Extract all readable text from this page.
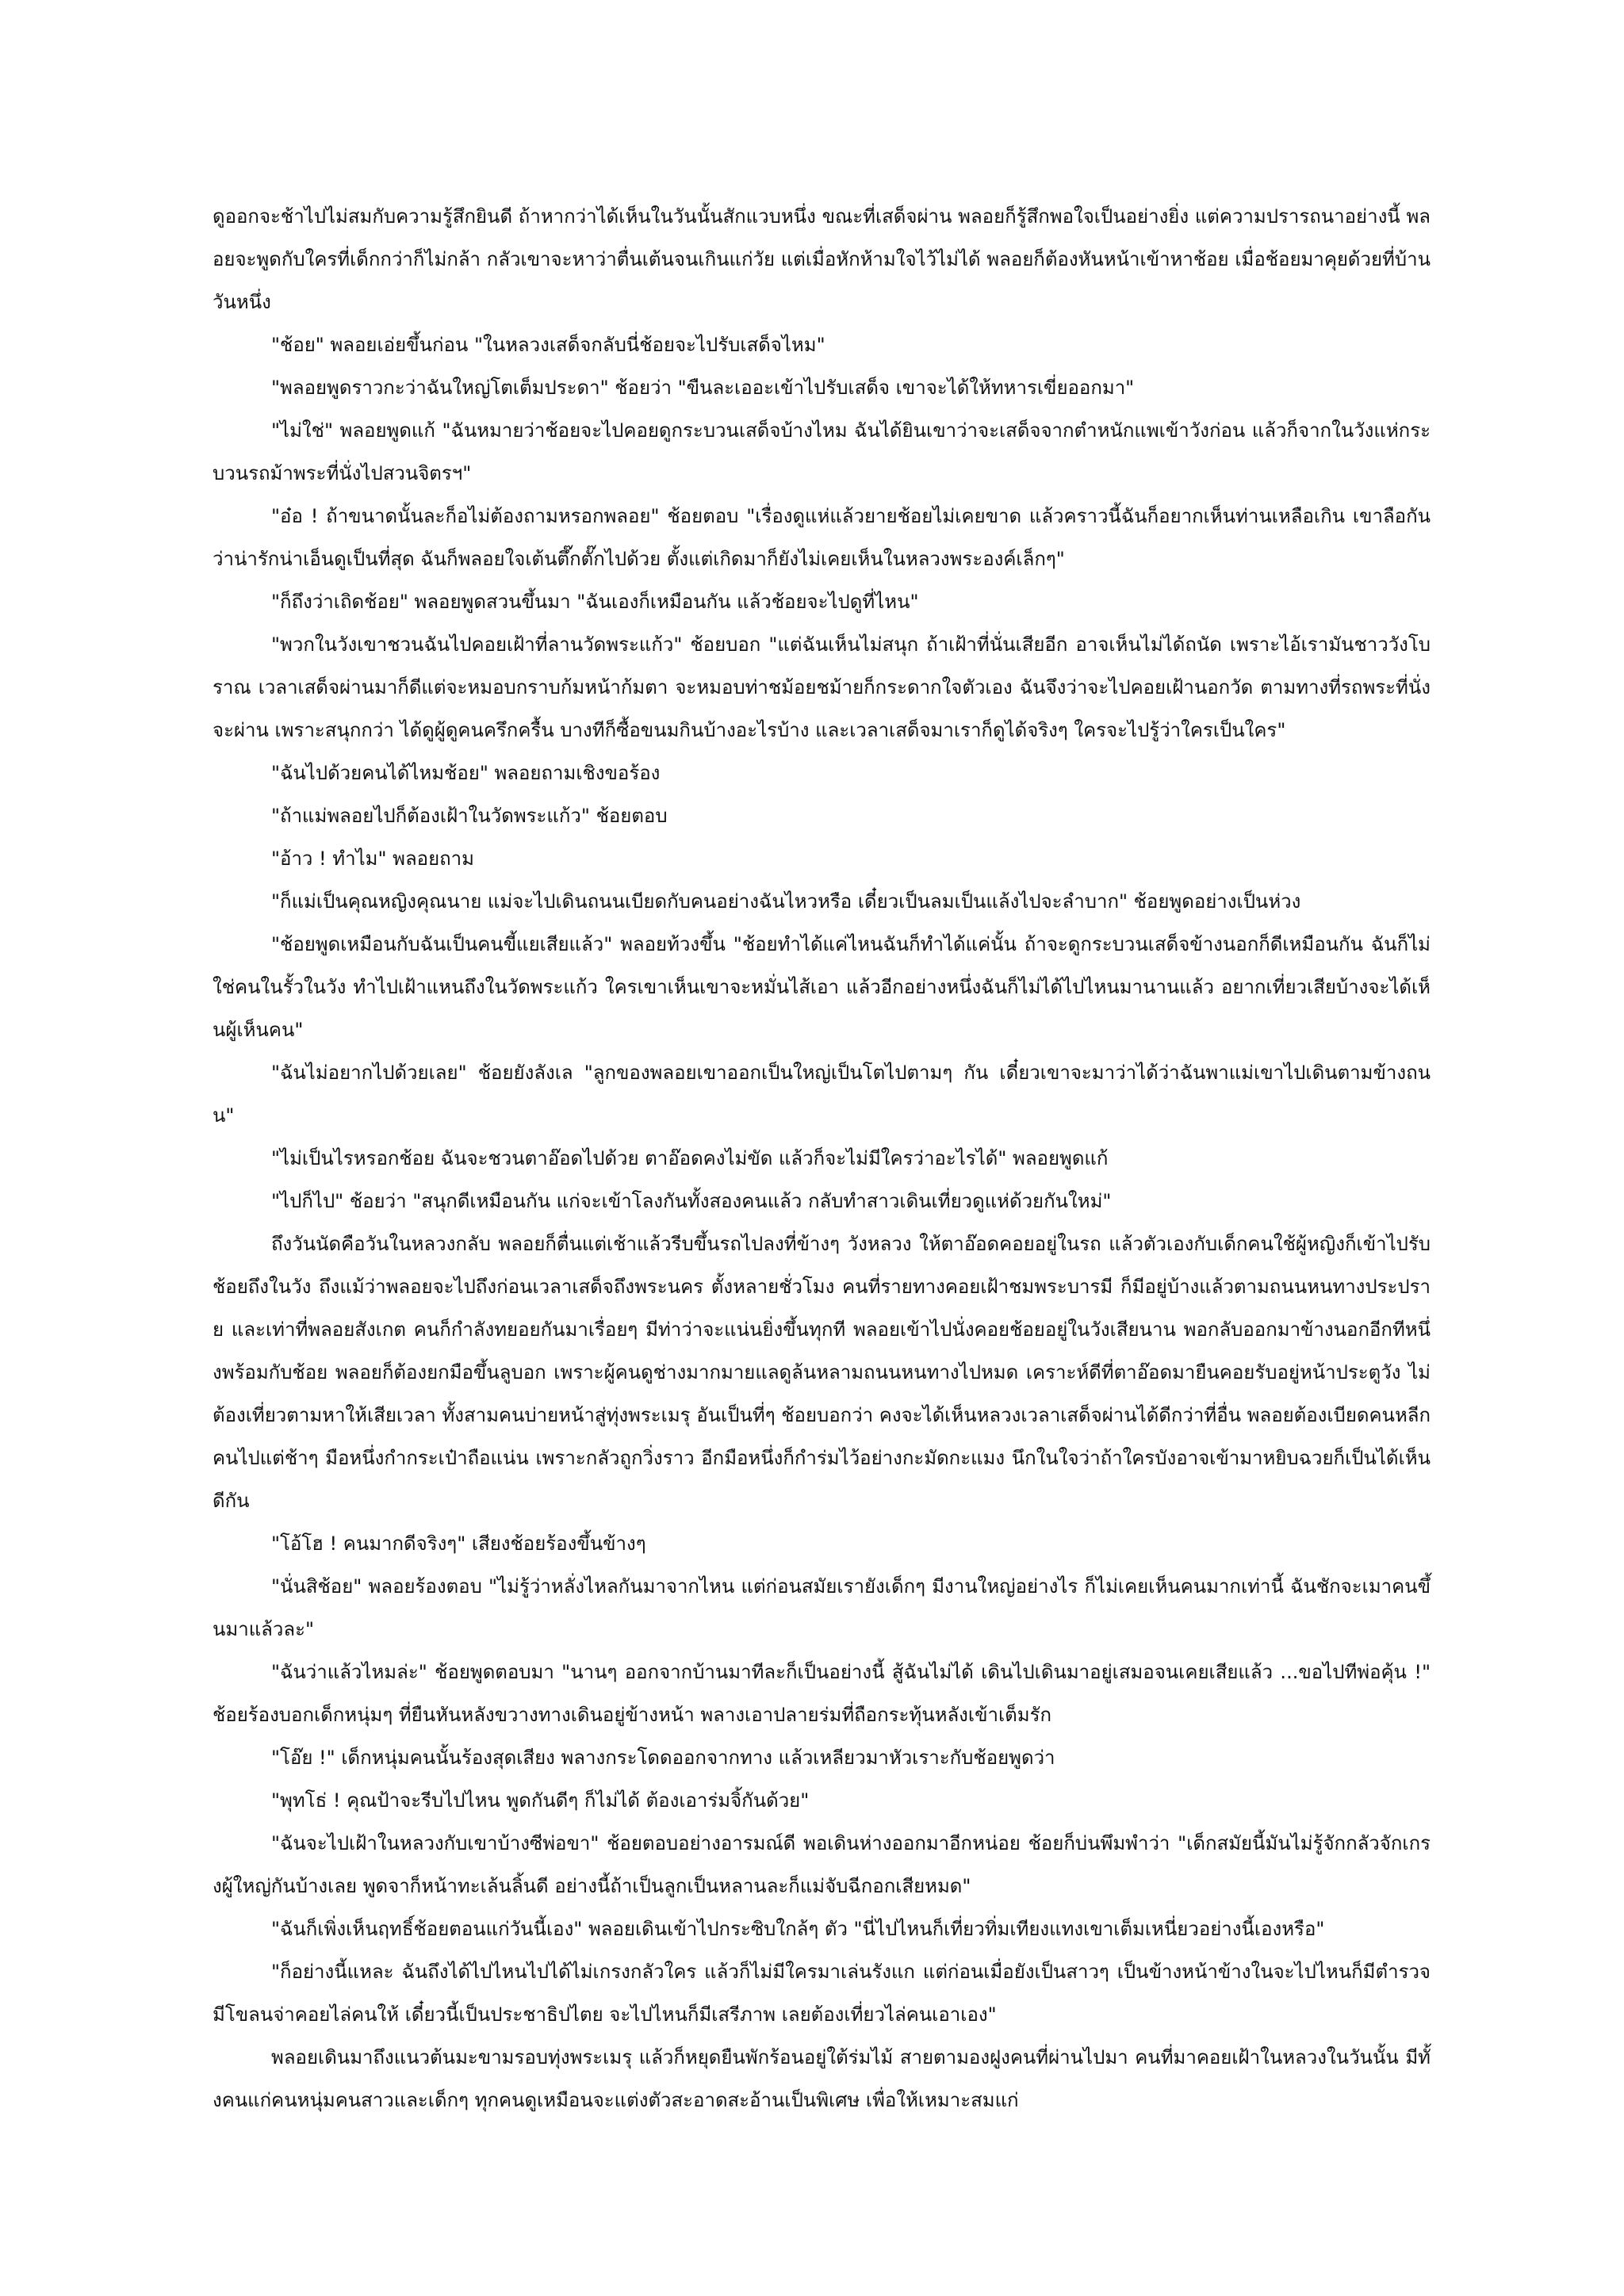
ดูออกจะช้าไปไม่สมกับความรู้สึกยินดี ถ้าหากว่าได้เห็นในวันนั้นสักแวบหนึ่ง ขณะที่เสด็จผ่าน พลอยก็รู้สึกพอใจเป็นอย่างยิ่ง แต่ความปรารถนาอย่างนี้ พลอยจะพูดกับใครที่เด็กกว่าก็ไม่กล้า กลัวเขาจะหาว่าตื่นเต้นจนเกินแก่วัย แต่เมื่อหักห้ามใจไว้ไม่ได้ พลอยก็ต้องหันหน้าเข้าหาช้อย เมื่อช้อยมาคุยด้วยที่บ้านวันหนึ่ง

"ช้อย" พลอยเอ่ยขึ้นก่อน "ในหลวงเสด็จกลับนี่ช้อยจะไปรับเสด็จไหม"

"พลอยพูดราวกะว่าฉันใหญ่โตเต็มประดา" ช้อยว่า "ขืนละเออะเข้าไปรับเสด็จ เขาจะได้ให้ทหารเขี่ยออกมา"

"ไม่ใช่" พลอยพูดแก้ "ฉันหมายว่าช้อยจะไปคอยดูกระบวนเสด็จบ้างไหม ฉันได้ยินเขาว่าจะเสด็จจากตำหนักแพเข้าวังก่อน แล้วก็จากในวังแห่กระบวนรถม้าพระที่นั่งไปสวนจิตรฯ"

"อ๋อ ! ถ้าขนาดนั้นละก็อไม่ต้องถามหรอกพลอย" ช้อยตอบ "เรื่องดูแห่แล้วยายช้อยไม่เคยขาด แล้วคราวนี้ฉันก็อยากเห็นท่านเหลือเกิน เขาลือกันว่าน่ารักน่าเอ็นดูเป็นที่สุด ฉันก็พลอยใจเต้นตึ๊กตั๊กไปด้วย ตั้งแต่เกิดมาก็ยังไม่เคยเห็นในหลวงพระองค์เล็กๆ"

"ก็ถึงว่าเถิดช้อย" พลอยพูดสวนขึ้นมา "ฉันเองก็เหมือนกัน แล้วช้อยจะไปดูที่ไหน"

"พวกในวังเขาชวนฉันไปคอยเฝ้าที่ลานวัดพระแก้ว" ช้อยบอก "แต่ฉันเห็นไม่สนุก ถ้าเฝ้าที่นั่นเสียอีก อาจเห็นไม่ได้ถนัด เพราะไอ้เรามันชาววังโบราณ เวลาเสด็จผ่านมาก็ดีแต่จะหมอบกราบก้มหน้าก้มตา จะหมอบท่าชม้อยชม้ายก็กระดากใจตัวเอง ฉันจึงว่าจะไปคอยเฝ้านอกวัด ตามทางที่รถพระที่นั่งจะผ่าน เพราะสนุกกว่า ได้ดูผู้ดูคนครึกครื้น บางทีก็ซื้อขนมกินบ้างอะไรบ้าง และเวลาเสด็จมาเราก็ดูได้จริงๆ ใครจะไปรู้ว่าใครเป็นใคร"

"ฉันไปด้วยคนได้ไหมช้อย" พลอยถามเชิงขอร้อง

"ถ้าแม่พลอยไปก็ต้องเฝ้าในวัดพระแก้ว" ช้อยตอบ

"อ้าว ! ทำไม" พลอยถาม

"ก็แม่เป็นคุณหญิงคุณนาย แม่จะไปเดินถนนเบียดกับคนอย่างฉันไหวหรือ เดี๋ยวเป็นลมเป็นแล้งไปจะลำบาก" ช้อยพูดอย่างเป็นห่วง

"ช้อยพูดเหมือนกับฉันเป็นคนขี้แยเสียแล้ว" พลอยท้วงขึ้น "ช้อยทำได้แค่ไหนฉันก็ทำได้แค่นั้น ถ้าจะดูกระบวนเสด็จข้างนอกก็ดีเหมือนกัน ฉันก็ไม่ใช่คนในรั้วในวัง ทำไปเฝ้าแหนถึงในวัดพระแก้ว ใครเขาเห็นเขาจะหมั่นไส้เอา แล้วอีกอย่างหนึ่งฉันก็ไม่ได้ไปไหนมานานแล้ว อยากเที่ยวเสียบ้างจะได้เห็นผู้เห็นคน"

"ฉันไม่อยากไปด้วยเลย" ช้อยยังลังเล "ลูกของพลอยเขาออกเป็นใหญ่เป็นโตไปตามๆ กัน เดี๋ยวเขาจะมาว่าได้ว่าฉันพาแม่เขาไปเดินตามข้างถนน"

"ไม่เป็นไรหรอกช้อย ฉันจะชวนตาอ๊อดไปด้วย ตาอ๊อดคงไม่ขัด แล้วก็จะไม่มีใครว่าอะไรได้" พลอยพูดแก้

"ไปก็ไป" ช้อยว่า "สนุกดีเหมือนกัน แก่จะเข้าโลงกันทั้งสองคนแล้ว กลับทำสาวเดินเที่ยวดูแห่ด้วยกันใหม่"

ถึงวันนัดคือวันในหลวงกลับ พลอยก็ตื่นแต่เช้าแล้วรีบขึ้นรถไปลงที่ข้างๆ วังหลวง ให้ตาอ๊อดคอยอยู่ในรถ แล้วตัวเองกับเด็กคนใช้ผู้หญิงก็เข้าไปรับช้อยถึงในวัง ถึงแม้ว่าพลอยจะไปถึงก่อนเวลาเสด็จถึงพระนคร ตั้งหลายชั่วโมง คนที่รายทางคอยเฝ้าชมพระบารมี ก็มีอยู่บ้างแล้วตามถนนหนทางประปราย และเท่าที่พลอยสังเกต คนก็กำลังทยอยกันมาเรื่อยๆ มีท่าว่าจะแน่นยิ่งขึ้นทุกที พลอยเข้าไปนั่งคอยช้อยอยู่ในวังเสียนาน พอกลับออกมาข้างนอกอีกทีหนึ่งพร้อมกับช้อย พลอยก็ต้องยกมือขึ้นลูบอก เพราะผู้คนดูช่างมากมายแลดูล้นหลามถนนหนทางไปหมด เคราะห์ดีที่ตาอ๊อดมายืนคอยรับอยู่หน้าประตูวัง ไม่ต้องเที่ยวตามหาให้เสียเวลา ทั้งสามคนบ่ายหน้าสู่ทุ่งพระเมรุ อันเป็นที่ๆ ช้อยบอกว่า คงจะได้เห็นหลวงเวลาเสด็จผ่านได้ดีกว่าที่อื่น พลอยต้องเบียดคนหลีกคนไปแต่ช้าๆ มือหนึ่งกำกระเป๋าถือแน่น เพราะกลัวถูกวิ่งราว อีกมือหนึ่งก็กำร่มไว้อย่างกะมัดกะแมง นึกในใจว่าถ้าใครบังอาจเข้ามาหยิบฉวยก็เป็นได้เห็นดีกัน

"โอ้โฮ ! คนมากดีจริงๆ" เสียงช้อยร้องขึ้นข้างๆ

"นั่นสิช้อย" พลอยร้องตอบ "ไม่รู้ว่าหลั่งไหลกันมาจากไหน แต่ก่อนสมัยเรายังเด็กๆ มีงานใหญ่อย่างไร ก็ไม่เคยเห็นคนมากเท่านี้ ฉันชักจะเมาคนขึ้นมาแล้วละ"

"ฉันว่าแล้วไหมล่ะ" ช้อยพูดตอบมา "นานๆ ออกจากบ้านมาทีละก็เป็นอย่างนี้ สู้ฉันไม่ได้ เดินไปเดินมาอยู่เสมอจนเคยเสียแล้ว ...ขอไปทีพ่อคุ้น !" ช้อยร้องบอกเด็กหนุ่มๆ ที่ยืนหันหลังขวางทางเดินอยู่ข้างหน้า พลางเอาปลายร่มที่ถือกระทุ้นหลังเข้าเต็มรัก

"โอ๊ย !" เด็กหนุ่มคนนั้นร้องสุดเสียง พลางกระโดดออกจากทาง แล้วเหลียวมาหัวเราะกับช้อยพูดว่า

"พุทโธ่ ! คุณป้าจะรีบไปไหน พูดกันดีๆ ก็ไม่ได้ ต้องเอาร่มจิ้กันด้วย"

"ฉันจะไปเฝ้าในหลวงกับเขาบ้างซีพ่อขา" ช้อยตอบอย่างอารมณ์ดี พอเดินห่างออกมาอีกหน่อย ช้อยก็บ่นพึมพำว่า "เด็กสมัยนี้มันไม่รู้จักกลัวจักเกรงผู้ใหญ่กันบ้างเลย พูดจาก็หน้าทะเล้นลิ้นดี อย่างนี้ถ้าเป็นลูกเป็นหลานละก็แม่จับฉีกอกเสียหมด"

"ฉันก็เพิ่งเห็นฤทธิ์ช้อยตอนแก่วันนี้เอง" พลอยเดินเข้าไปกระซิบใกล้ๆ ตัว "นี่ไปไหนก็เที่ยวทิ่มเทียงแทงเขาเต็มเหนี่ยวอย่างนี้เองหรือ"

"ก็อย่างนี้แหละ ฉันถึงได้ไปไหนไปได้ไม่เกรงกลัวใคร แล้วก็ไม่มีใครมาเล่นรังแก แต่ก่อนเมื่อยังเป็นสาวๆ เป็นข้างหน้าข้างในจะไปไหนก็มีตำรวจมีโขลนจ่าคอยไล่คนให้ เดี๋ยวนี้เป็นประชาธิปไตย จะไปไหนก็มีเสรีภาพ เลยต้องเที่ยวไล่คนเอาเอง"

พลอยเดินมาถึงแนวต้นมะขามรอบทุ่งพระเมรุ แล้วก็หยุดยืนพักร้อนอยู่ใต้ร่มไม้ สายตามองฝูงคนที่ผ่านไปมา คนที่มาคอยเฝ้าในหลวงในวันนั้น มีทั้งคนแก่คนหนุ่มคนสาวและเด็กๆ ทุกคนดูเหมือนจะแต่งตัวสะอาดสะอ้านเป็นพิเศษ เพื่อให้เหมาะสมแก่
